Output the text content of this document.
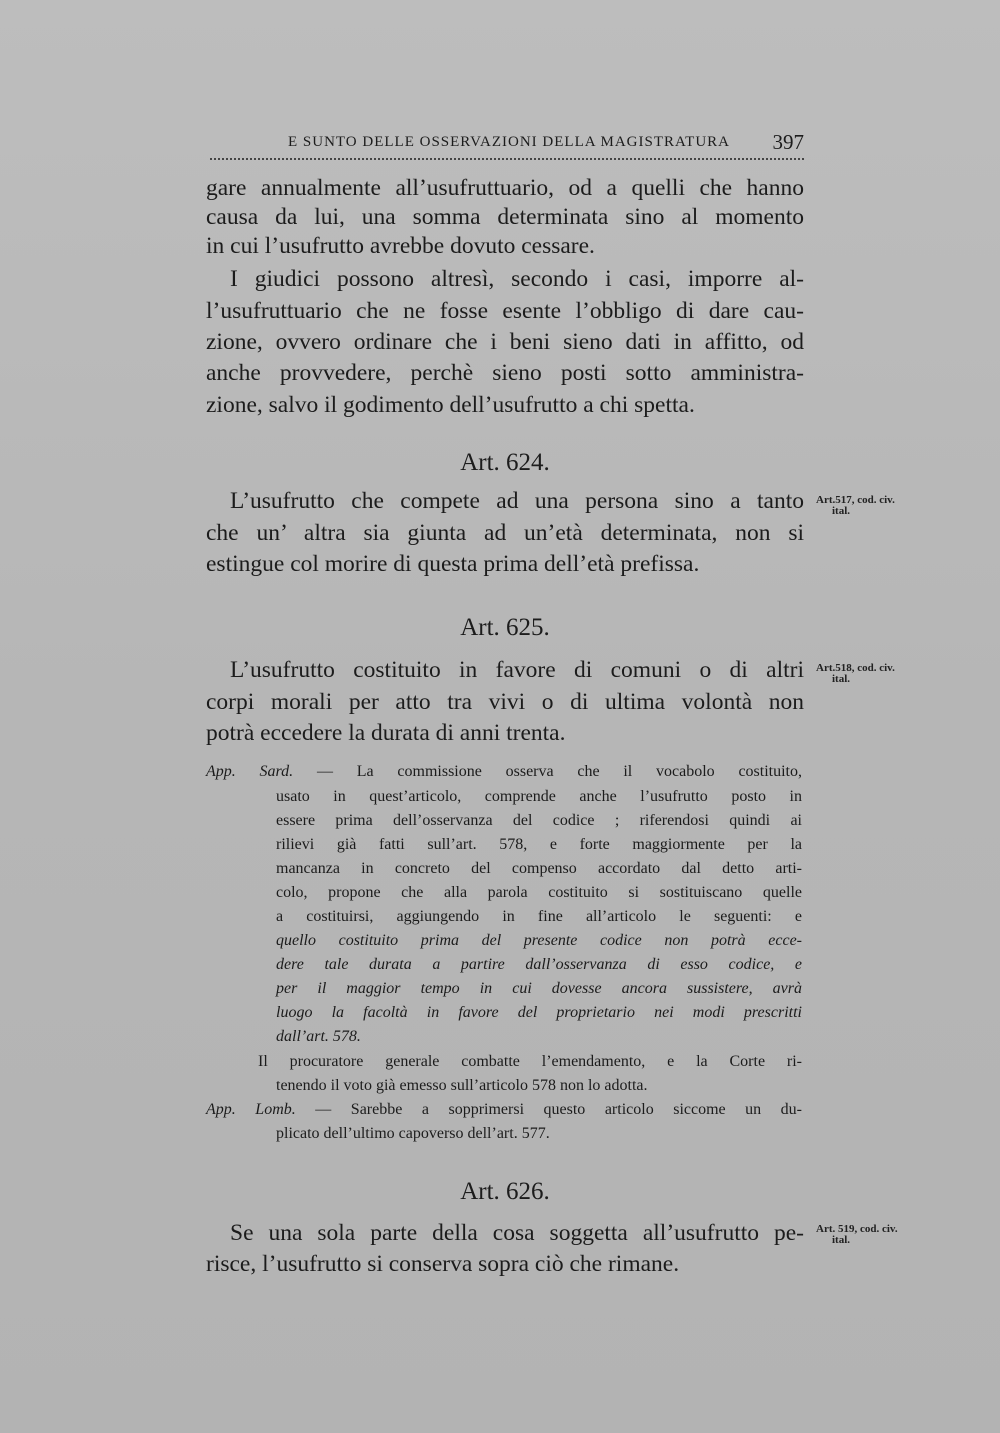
E SUNTO DELLE OSSERVAZIONI DELLA MAGISTRATURA 397
gare annualmente all’usufruttuario, od a quelli che hanno
causa da lui, una somma determinata sino al momento
in cui l’usufrutto avrebbe dovuto cessare.
I giudici possono altresì, secondo i casi, imporre al-
l’usufruttuario che ne fosse esente l’obbligo di dare cau-
zione, ovvero ordinare che i beni sieno dati in affitto, od
anche provvedere, perchè sieno posti sotto amministra-
zione, salvo il godimento dell’usufrutto a chi spetta.
Art. 624.
L’usufrutto che compete ad una persona sino a tanto
che un’ altra sia giunta ad un’età determinata, non si
estingue col morire di questa prima dell’età prefissa.
Art.517, cod. civ.
ital.
Art. 625.
L’usufrutto costituito in favore di comuni o di altri
corpi morali per atto tra vivi o di ultima volontà non
potrà eccedere la durata di anni trenta.
Art.518, cod. civ.
ital.
App. Sard. — La commissione osserva che il vocabolo costituito,
usato in quest’articolo, comprende anche l’usufrutto posto in
essere prima dell’osservanza del codice ; riferendosi quindi ai
rilievi già fatti sull’art. 578, e forte maggiormente per la
mancanza in concreto del compenso accordato dal detto arti-
colo, propone che alla parola costituito si sostituiscano quelle
a costituirsi, aggiungendo in fine all’articolo le seguenti: e
quello costituito prima del presente codice non potrà ecce-
dere tale durata a partire dall’osservanza di esso codice, e
per il maggior tempo in cui dovesse ancora sussistere, avrà
luogo la facoltà in favore del proprietario nei modi prescritti
dall’art. 578.
Il procuratore generale combatte l’emendamento, e la Corte ri-
tenendo il voto già emesso sull’articolo 578 non lo adotta.
App. Lomb. — Sarebbe a sopprimersi questo articolo siccome un du-
plicato dell’ultimo capoverso dell’art. 577.
Art. 626.
Se una sola parte della cosa soggetta all’usufrutto pe-
risce, l’usufrutto si conserva sopra ciò che rimane.
Art. 519, cod. civ.
ital.
